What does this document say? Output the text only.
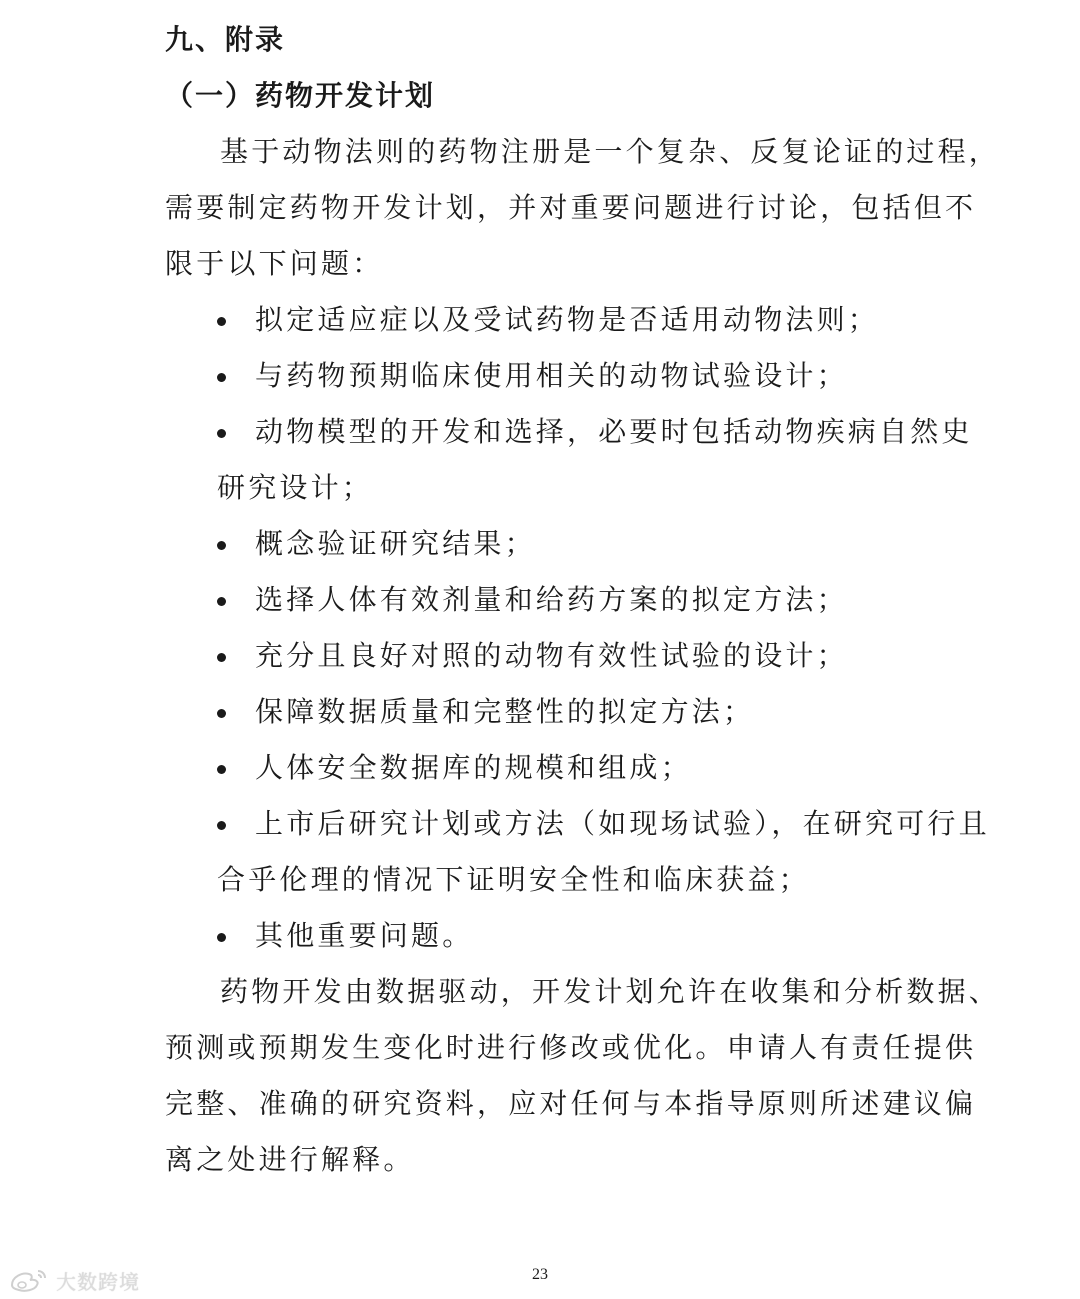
九、附录
（一）药物开发计划
基于动物法则的药物注册是一个复杂、反复论证的过程，
需要制定药物开发计划，并对重要问题进行讨论，包括但不
限于以下问题：
拟定适应症以及受试药物是否适用动物法则；
与药物预期临床使用相关的动物试验设计；
动物模型的开发和选择，必要时包括动物疾病自然史
研究设计；
概念验证研究结果；
选择人体有效剂量和给药方案的拟定方法；
充分且良好对照的动物有效性试验的设计；
保障数据质量和完整性的拟定方法；
人体安全数据库的规模和组成；
上市后研究计划或方法（如现场试验），在研究可行且
合乎伦理的情况下证明安全性和临床获益；
其他重要问题。
药物开发由数据驱动，开发计划允许在收集和分析数据、
预测或预期发生变化时进行修改或优化。申请人有责任提供
完整、准确的研究资料，应对任何与本指导原则所述建议偏
离之处进行解释。
23
大数跨境
